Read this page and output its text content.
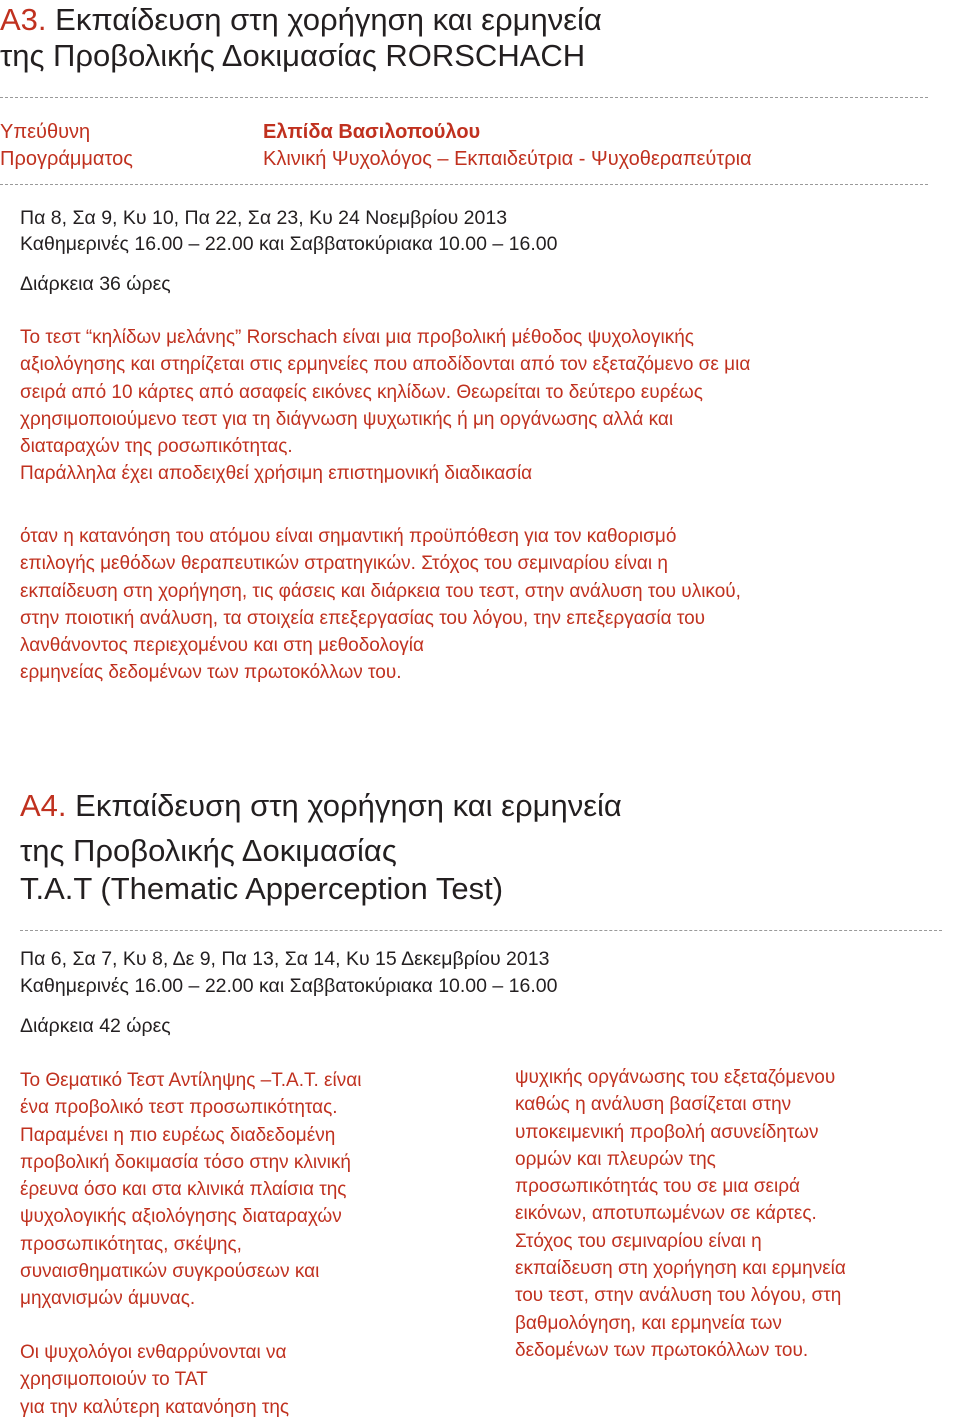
A3. Εκπαίδευση στη χορήγηση και ερμηνεία
της Προβολικής Δοκιμασίας RORSCHACH
Υπεύθυνη
Προγράμματος
Ελπίδα Βασιλοπούλου
Κλινική Ψυχολόγος – Εκπαιδεύτρια - Ψυχοθεραπεύτρια
Πα 8, Σα 9, Κυ 10, Πα 22, Σα 23, Κυ 24 Νοεμβρίου 2013
Καθημερινές 16.00 – 22.00 και Σαββατοκύριακα 10.00 – 16.00
Διάρκεια 36 ώρες

Το τεστ “κηλίδων μελάνης” Rorschach είναι μια προβολική μέθοδος ψυχολογικής

αξιολόγησης και στηρίζεται στις ερμηνείες που αποδίδονται από τον εξεταζόμενο σε μια

σειρά από 10 κάρτες από ασαφείς εικόνες κηλίδων. Θεωρείται το δεύτερο ευρέως

χρησιμοποιούμενο τεστ για τη διάγνωση ψυχωτικής ή μη οργάνωσης αλλά και

διαταραχών της ροσωπικότητας.

Παράλληλα έχει αποδειχθεί χρήσιμη επιστημονική διαδικασία

όταν η κατανόηση του ατόμου είναι σημαντική προϋπόθεση για τον καθορισμό

επιλογής μεθόδων θεραπευτικών στρατηγικών. Στόχος του σεμιναρίου είναι η

εκπαίδευση στη χορήγηση, τις φάσεις και διάρκεια του τεστ, στην ανάλυση του υλικού,

στην ποιοτική ανάλυση, τα στοιχεία επεξεργασίας του λόγου, την επεξεργασία του

λανθάνοντος περιεχομένου και στη μεθοδολογία

ερμηνείας δεδομένων των πρωτοκόλλων του.

A4. Εκπαίδευση στη χορήγηση και ερμηνεία
της Προβολικής Δοκιμασίας
T.A.T (Thematic Apperception Test)
Πα 6, Σα 7, Κυ 8, Δε 9, Πα 13, Σα 14, Κυ 15 Δεκεμβρίου 2013
Καθημερινές 16.00 – 22.00 και Σαββατοκύριακα 10.00 – 16.00
Διάρκεια 42 ώρες

Το Θεματικό Τεστ Αντίληψης –Τ.Α.Τ. είναι

ένα προβολικό τεστ προσωπικότητας.

Παραμένει η πιο ευρέως διαδεδομένη

προβολική δοκιμασία τόσο στην κλινική

έρευνα όσο και στα κλινικά πλαίσια της

ψυχολογικής αξιολόγησης διαταραχών

προσωπικότητας, σκέψης,

συναισθηματικών συγκρούσεων και

μηχανισμών άμυνας.

Οι ψυχολόγοι ενθαρρύνονται να

χρησιμοποιούν το ΤΑΤ

για την καλύτερη κατανόηση της

ψυχικής οργάνωσης του εξεταζόμενου

καθώς η ανάλυση βασίζεται στην

υποκειμενική προβολή ασυνείδητων

ορμών και πλευρών της

προσωπικότητάς του σε μια σειρά

εικόνων, αποτυπωμένων σε κάρτες.

Στόχος του σεμιναρίου είναι η

εκπαίδευση στη χορήγηση και ερμηνεία

του τεστ, στην ανάλυση του λόγου, στη

βαθμολόγηση, και ερμηνεία των

δεδομένων των πρωτοκόλλων του.
